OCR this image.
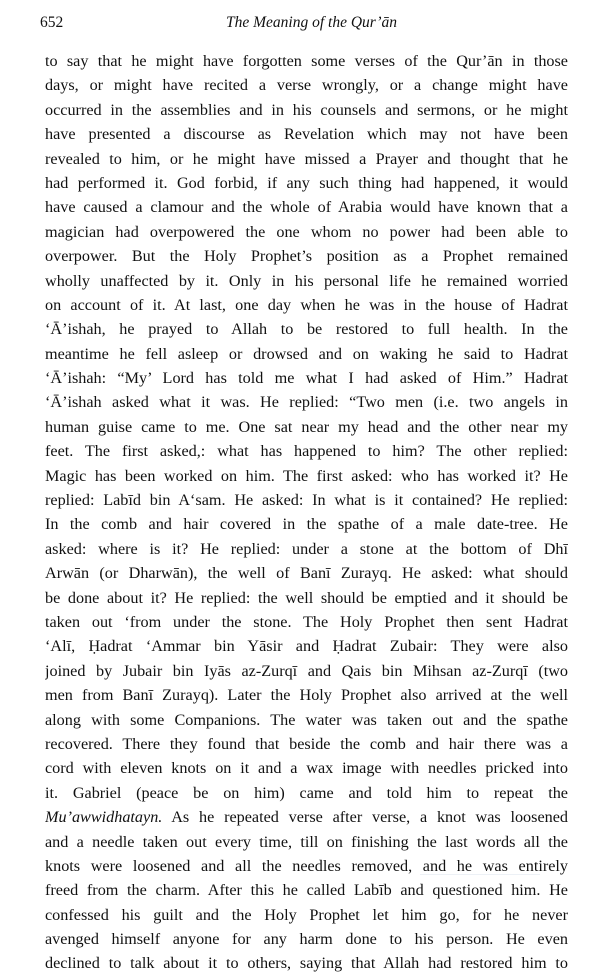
652	The Meaning of the Qur’ān
to say that he might have forgotten some verses of the Qur’ān in those
days, or might have recited a verse wrongly, or a change might have
occurred in the assemblies and in his counsels and sermons, or he might
have presented a discourse as Revelation which may not have been
revealed to him, or he might have missed a Prayer and thought that he
had performed it. God forbid, if any such thing had happened, it would
have caused a clamour and the whole of Arabia would have known that a
magician had overpowered the one whom no power had been able to
overpower. But the Holy Prophet’s position as a Prophet remained
wholly unaffected by it. Only in his personal life he remained worried
on account of it. At last, one day when he was in the house of Hadrat
‘Ā’ishah, he prayed to Allah to be restored to full health. In the
meantime he fell asleep or drowsed and on waking he said to Hadrat
‘Ā’ishah: “My’ Lord has told me what I had asked of Him.” Hadrat
‘Ā’ishah asked what it was. He replied: “Two men (i.e. two angels in
human guise came to me. One sat near my head and the other near my
feet. The first asked,: what has happened to him? The other replied:
Magic has been worked on him. The first asked: who has worked it? He
replied: Labīd bin A‘sam. He asked: In what is it contained? He replied:
In the comb and hair covered in the spathe of a male date-tree. He
asked: where is it? He replied: under a stone at the bottom of Dhī
Arwān (or Dharwān), the well of Banī Zurayq. He asked: what should
be done about it? He replied: the well should be emptied and it should be
taken out ‘from under the stone. The Holy Prophet then sent Hadrat
‘Alī, Ḥadrat ‘Ammar bin Yāsir and Ḥadrat Zubair: They were also
joined by Jubair bin Iyās az-Zurqī and Qais bin Mihsan az-Zurqī (two
men from Banī Zurayq). Later the Holy Prophet also arrived at the well
along with some Companions. The water was taken out and the spathe
recovered. There they found that beside the comb and hair there was a
cord with eleven knots on it and a wax image with needles pricked into
it. Gabriel (peace be on him) came and told him to repeat the
Mu’awwidhatayn. As he repeated verse after verse, a knot was loosened
and a needle taken out every time, till on finishing the last words all the
knots were loosened and all the needles removed, and he was entirely
freed from the charm. After this he called Labīb and questioned him. He
confessed his guilt and the Holy Prophet let him go, for he never
avenged himself anyone for any harm done to his person. He even
declined to talk about it to others, saying that Allah had restored him to
